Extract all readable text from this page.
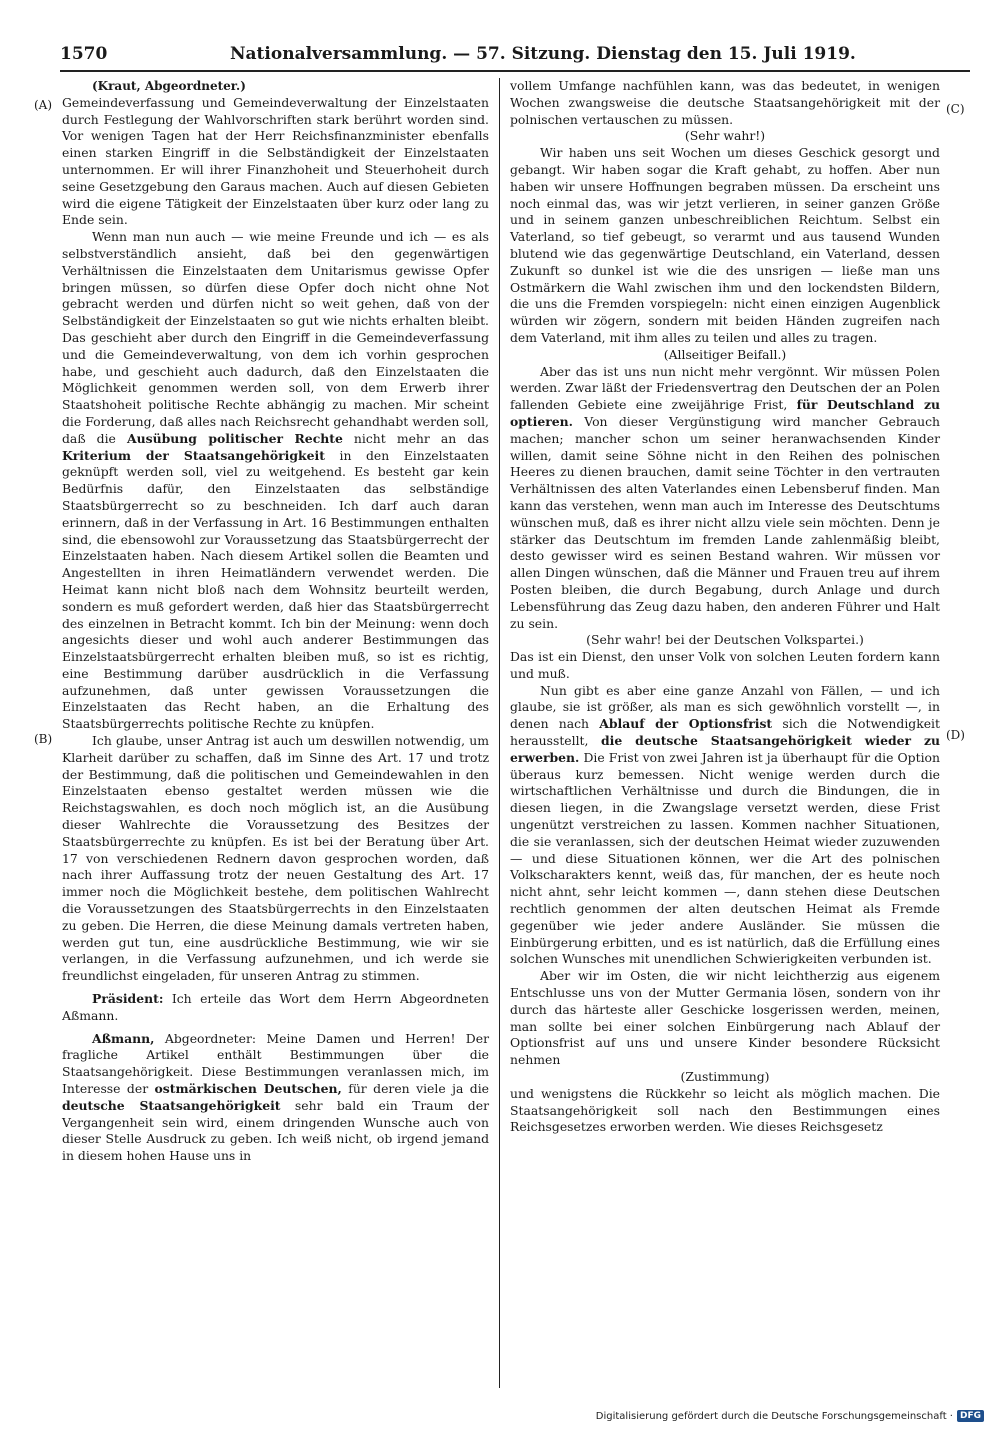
1570	Nationalversammlung. — 57. Sitzung. Dienstag den 15. Juli 1919.
(A)
(B)
(C)
(D)

(Kraut, Abgeordneter.)

Gemeindeverfassung und Gemeindeverwaltung der Einzelstaaten durch Festlegung der Wahlvorschriften stark berührt worden sind. Vor wenigen Tagen hat der Herr Reichsfinanzminister ebenfalls einen starken Eingriff in die Selbständigkeit der Einzelstaaten unternommen. Er will ihrer Finanzhoheit und Steuerhoheit durch seine Gesetzgebung den Garaus machen. Auch auf diesen Gebieten wird die eigene Tätigkeit der Einzelstaaten über kurz oder lang zu Ende sein.

Wenn man nun auch — wie meine Freunde und ich — es als selbstverständlich ansieht, daß bei den gegenwärtigen Verhältnissen die Einzelstaaten dem Unitarismus gewisse Opfer bringen müssen, so dürfen diese Opfer doch nicht ohne Not gebracht werden und dürfen nicht so weit gehen, daß von der Selbständigkeit der Einzelstaaten so gut wie nichts erhalten bleibt. Das geschieht aber durch den Eingriff in die Gemeindeverfassung und die Gemeindeverwaltung, von dem ich vorhin gesprochen habe, und geschieht auch dadurch, daß den Einzelstaaten die Möglichkeit genommen werden soll, von dem Erwerb ihrer Staatshoheit politische Rechte abhängig zu machen. Mir scheint die Forderung, daß alles nach Reichsrecht gehandhabt werden soll, daß die Ausübung politischer Rechte nicht mehr an das Kriterium der Staatsangehörigkeit in den Einzelstaaten geknüpft werden soll, viel zu weitgehend. Es besteht gar kein Bedürfnis dafür, den Einzelstaaten das selbständige Staatsbürgerrecht so zu beschneiden. Ich darf auch daran erinnern, daß in der Verfassung in Art. 16 Bestimmungen enthalten sind, die ebensowohl zur Voraussetzung das Staatsbürgerrecht der Einzelstaaten haben. Nach diesem Artikel sollen die Beamten und Angestellten in ihren Heimatländern verwendet werden. Die Heimat kann nicht bloß nach dem Wohnsitz beurteilt werden, sondern es muß gefordert werden, daß hier das Staatsbürgerrecht des einzelnen in Betracht kommt. Ich bin der Meinung: wenn doch angesichts dieser und wohl auch anderer Bestimmungen das Einzelstaatsbürgerrecht erhalten bleiben muß, so ist es richtig, eine Bestimmung darüber ausdrücklich in die Verfassung aufzunehmen, daß unter gewissen Voraussetzungen die Einzelstaaten das Recht haben, an die Erhaltung des Staatsbürgerrechts politische Rechte zu knüpfen.

Ich glaube, unser Antrag ist auch um deswillen notwendig, um Klarheit darüber zu schaffen, daß im Sinne des Art. 17 und trotz der Bestimmung, daß die politischen und Gemeindewahlen in den Einzelstaaten ebenso gestaltet werden müssen wie die Reichstagswahlen, es doch noch möglich ist, an die Ausübung dieser Wahlrechte die Voraussetzung des Besitzes der Staatsbürgerrechte zu knüpfen. Es ist bei der Beratung über Art. 17 von verschiedenen Rednern davon gesprochen worden, daß nach ihrer Auffassung trotz der neuen Gestaltung des Art. 17 immer noch die Möglichkeit bestehe, dem politischen Wahlrecht die Voraussetzungen des Staatsbürgerrechts in den Einzelstaaten zu geben. Die Herren, die diese Meinung damals vertreten haben, werden gut tun, eine ausdrückliche Bestimmung, wie wir sie verlangen, in die Verfassung aufzunehmen, und ich werde sie freundlichst eingeladen, für unseren Antrag zu stimmen.

Präsident: Ich erteile das Wort dem Herrn Abgeordneten Aßmann.

Aßmann, Abgeordneter: Meine Damen und Herren! Der fragliche Artikel enthält Bestimmungen über die Staatsangehörigkeit. Diese Bestimmungen veranlassen mich, im Interesse der ostmärkischen Deutschen, für deren viele ja die deutsche Staatsangehörigkeit sehr bald ein Traum der Vergangenheit sein wird, einem dringenden Wunsche auch von dieser Stelle Ausdruck zu geben. Ich weiß nicht, ob irgend jemand in diesem hohen Hause uns in

vollem Umfange nachfühlen kann, was das bedeutet, in wenigen Wochen zwangsweise die deutsche Staatsangehörigkeit mit der polnischen vertauschen zu müssen.

(Sehr wahr!)

Wir haben uns seit Wochen um dieses Geschick gesorgt und gebangt. Wir haben sogar die Kraft gehabt, zu hoffen. Aber nun haben wir unsere Hoffnungen begraben müssen. Da erscheint uns noch einmal das, was wir jetzt verlieren, in seiner ganzen Größe und in seinem ganzen unbeschreiblichen Reichtum. Selbst ein Vaterland, so tief gebeugt, so verarmt und aus tausend Wunden blutend wie das gegenwärtige Deutschland, ein Vaterland, dessen Zukunft so dunkel ist wie die des unsrigen — ließe man uns Ostmärkern die Wahl zwischen ihm und den lockendsten Bildern, die uns die Fremden vorspiegeln: nicht einen einzigen Augenblick würden wir zögern, sondern mit beiden Händen zugreifen nach dem Vaterland, mit ihm alles zu teilen und alles zu tragen.

(Allseitiger Beifall.)

Aber das ist uns nun nicht mehr vergönnt. Wir müssen Polen werden. Zwar läßt der Friedensvertrag den Deutschen der an Polen fallenden Gebiete eine zweijährige Frist, für Deutschland zu optieren. Von dieser Vergünstigung wird mancher Gebrauch machen; mancher schon um seiner heranwachsenden Kinder willen, damit seine Söhne nicht in den Reihen des polnischen Heeres zu dienen brauchen, damit seine Töchter in den vertrauten Verhältnissen des alten Vaterlandes einen Lebensberuf finden. Man kann das verstehen, wenn man auch im Interesse des Deutschtums wünschen muß, daß es ihrer nicht allzu viele sein möchten. Denn je stärker das Deutschtum im fremden Lande zahlenmäßig bleibt, desto gewisser wird es seinen Bestand wahren. Wir müssen vor allen Dingen wünschen, daß die Männer und Frauen treu auf ihrem Posten bleiben, die durch Begabung, durch Anlage und durch Lebensführung das Zeug dazu haben, den anderen Führer und Halt zu sein.

(Sehr wahr! bei der Deutschen Volkspartei.)

Das ist ein Dienst, den unser Volk von solchen Leuten fordern kann und muß.

Nun gibt es aber eine ganze Anzahl von Fällen, — und ich glaube, sie ist größer, als man es sich gewöhnlich vorstellt —, in denen nach Ablauf der Optionsfrist sich die Notwendigkeit herausstellt, die deutsche Staatsangehörigkeit wieder zu erwerben. Die Frist von zwei Jahren ist ja überhaupt für die Option überaus kurz bemessen. Nicht wenige werden durch die wirtschaftlichen Verhältnisse und durch die Bindungen, die in diesen liegen, in die Zwangslage versetzt werden, diese Frist ungenützt verstreichen zu lassen. Kommen nachher Situationen, die sie veranlassen, sich der deutschen Heimat wieder zuzuwenden — und diese Situationen können, wer die Art des polnischen Volkscharakters kennt, weiß das, für manchen, der es heute noch nicht ahnt, sehr leicht kommen —, dann stehen diese Deutschen rechtlich genommen der alten deutschen Heimat als Fremde gegenüber wie jeder andere Ausländer. Sie müssen die Einbürgerung erbitten, und es ist natürlich, daß die Erfüllung eines solchen Wunsches mit unendlichen Schwierigkeiten verbunden ist.

Aber wir im Osten, die wir nicht leichtherzig aus eigenem Entschlusse uns von der Mutter Germania lösen, sondern von ihr durch das härteste aller Geschicke losgerissen werden, meinen, man sollte bei einer solchen Einbürgerung nach Ablauf der Optionsfrist auf uns und unsere Kinder besondere Rücksicht nehmen

(Zustimmung)

und wenigstens die Rückkehr so leicht als möglich machen. Die Staatsangehörigkeit soll nach den Bestimmungen eines Reichsgesetzes erworben werden. Wie dieses Reichsgesetz

Digitalisierung gefördert durch die Deutsche Forschungsgemeinschaft · DFG
